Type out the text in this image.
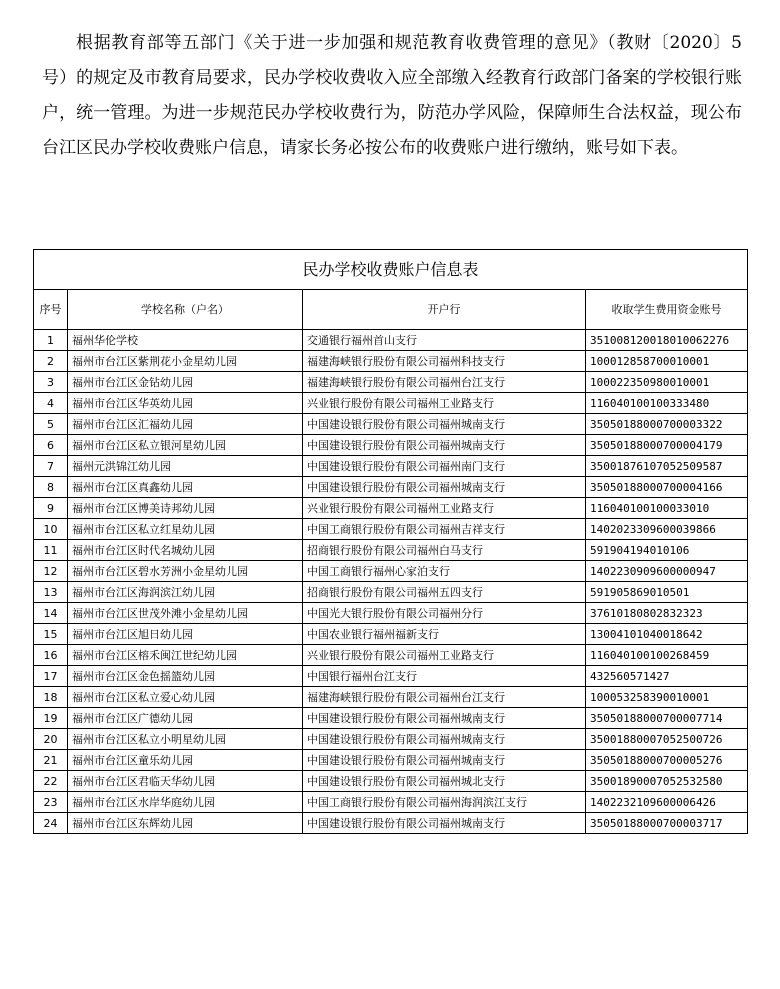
根据教育部等五部门《关于进一步加强和规范教育收费管理的意见》（教财〔2020〕5号）的规定及市教育局要求，民办学校收费收入应全部缴入经教育行政部门备案的学校银行账户，统一管理。为进一步规范民办学校收费行为，防范办学风险，保障师生合法权益，现公布台江区民办学校收费账户信息，请家长务必按公布的收费账户进行缴纳，账号如下表。

民办学校收费账户信息表			
序号	学校名称（户名）	开户行	收取学生费用资金账号
1	福州华伦学校	交通银行福州首山支行	351008120018010062276
2	福州市台江区紫荆花小金星幼儿园	福建海峡银行股份有限公司福州科技支行	100012858700010001
3	福州市台江区金钻幼儿园	福建海峡银行股份有限公司福州台江支行	100022350980010001
4	福州市台江区华英幼儿园	兴业银行股份有限公司福州工业路支行	116040100100333480
5	福州市台江区汇福幼儿园	中国建设银行股份有限公司福州城南支行	35050188000700003322
6	福州市台江区私立银河星幼儿园	中国建设银行股份有限公司福州城南支行	35050188000700004179
7	福州元洪锦江幼儿园	中国建设银行股份有限公司福州南门支行	35001876107052509587
8	福州市台江区真鑫幼儿园	中国建设银行股份有限公司福州城南支行	35050188000700004166
9	福州市台江区博美诗邦幼儿园	兴业银行股份有限公司福州工业路支行	116040100100033010
10	福州市台江区私立红星幼儿园	中国工商银行股份有限公司福州吉祥支行	1402023309600039866
11	福州市台江区时代名城幼儿园	招商银行股份有限公司福州白马支行	591904194010106
12	福州市台江区碧水芳洲小金星幼儿园	中国工商银行福州心家泊支行	1402230909600000947
13	福州市台江区海润滨江幼儿园	招商银行股份有限公司福州五四支行	591905869010501
14	福州市台江区世茂外滩小金星幼儿园	中国光大银行股份有限公司福州分行	37610180802832323
15	福州市台江区旭日幼儿园	中国农业银行福州福新支行	13004101040018642
16	福州市台江区榕禾闽江世纪幼儿园	兴业银行股份有限公司福州工业路支行	116040100100268459
17	福州市台江区金色摇篮幼儿园	中国银行福州台江支行	432560571427
18	福州市台江区私立爱心幼儿园	福建海峡银行股份有限公司福州台江支行	100053258390010001
19	福州市台江区广德幼儿园	中国建设银行股份有限公司福州城南支行	35050188000700007714
20	福州市台江区私立小明星幼儿园	中国建设银行股份有限公司福州城南支行	35001880007052500726
21	福州市台江区童乐幼儿园	中国建设银行股份有限公司福州城南支行	35050188000700005276
22	福州市台江区君临天华幼儿园	中国建设银行股份有限公司福州城北支行	35001890007052532580
23	福州市台江区水岸华庭幼儿园	中国工商银行股份有限公司福州海润滨江支行	1402232109600006426
24	福州市台江区东辉幼儿园	中国建设银行股份有限公司福州城南支行	35050188000700003717
